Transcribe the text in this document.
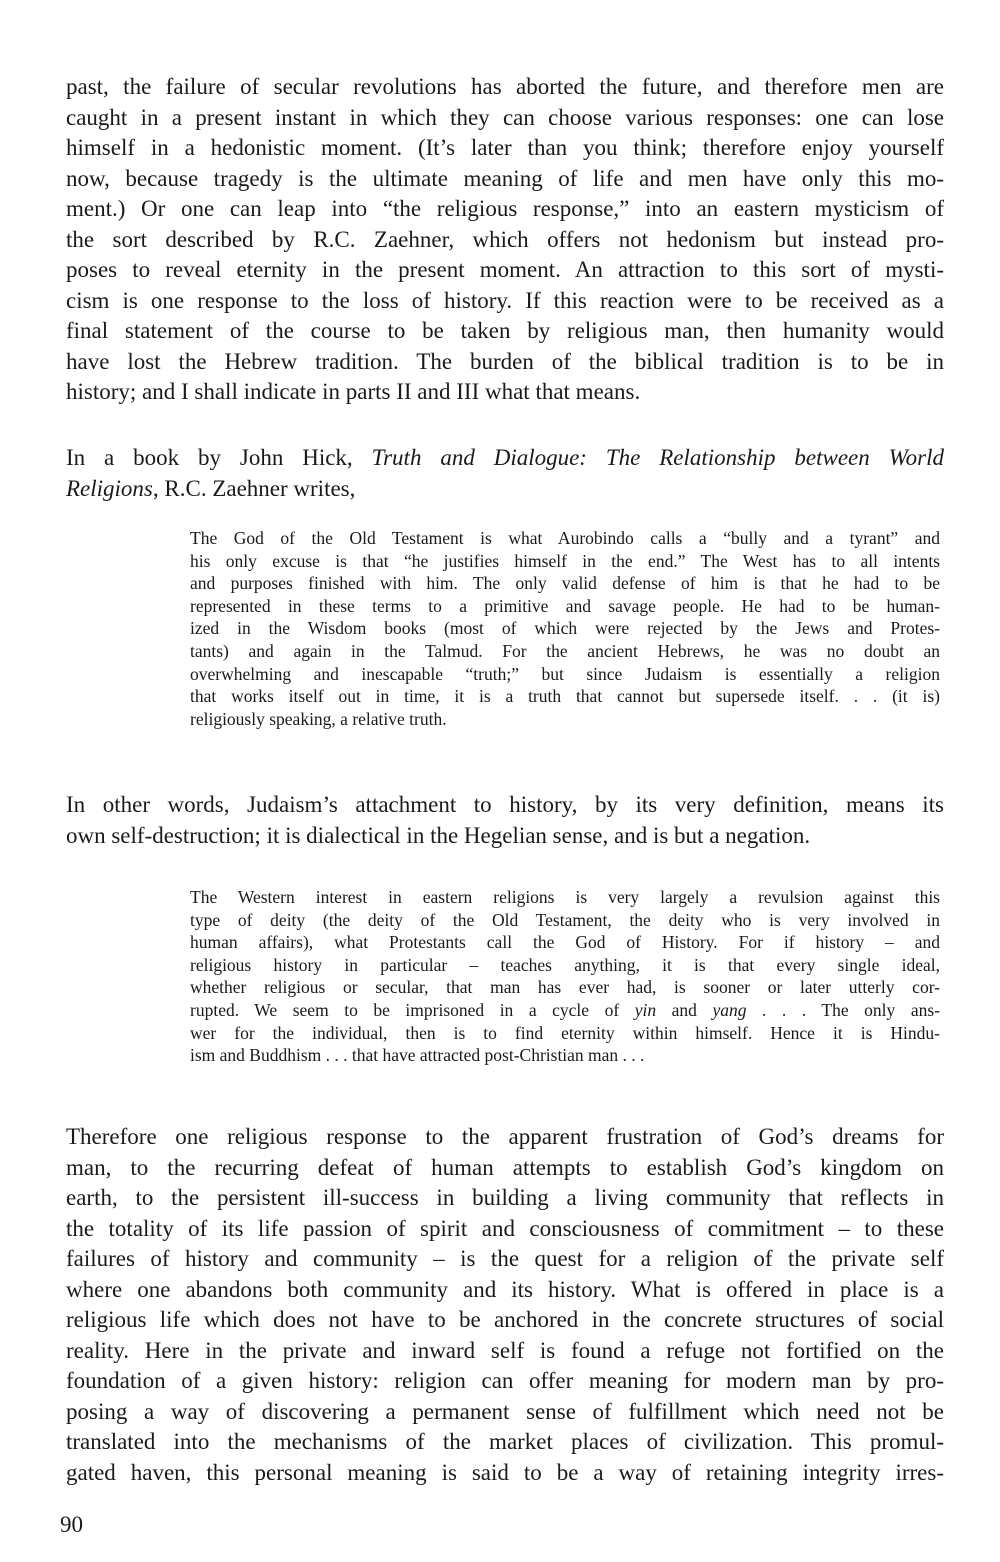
past, the failure of secular revolutions has aborted the future, and therefore men are
caught in a present instant in which they can choose various responses: one can lose
himself in a hedonistic moment. (It’s later than you think; therefore enjoy yourself
now, because tragedy is the ultimate meaning of life and men have only this mo-
ment.) Or one can leap into “the religious response,” into an eastern mysticism of
the sort described by R.C. Zaehner, which offers not hedonism but instead pro-
poses to reveal eternity in the present moment. An attraction to this sort of mysti-
cism is one response to the loss of history. If this reaction were to be received as a
final statement of the course to be taken by religious man, then humanity would
have lost the Hebrew tradition. The burden of the biblical tradition is to be in
history; and I shall indicate in parts II and III what that means.
In a book by John Hick, Truth and Dialogue: The Relationship between World
Religions, R.C. Zaehner writes,
The God of the Old Testament is what Aurobindo calls a “bully and a tyrant” and
his only excuse is that “he justifies himself in the end.” The West has to all intents
and purposes finished with him. The only valid defense of him is that he had to be
represented in these terms to a primitive and savage people. He had to be human-
ized in the Wisdom books (most of which were rejected by the Jews and Protes-
tants) and again in the Talmud. For the ancient Hebrews, he was no doubt an
overwhelming and inescapable “truth;” but since Judaism is essentially a religion
that works itself out in time, it is a truth that cannot but supersede itself. . . (it is)
religiously speaking, a relative truth.
In other words, Judaism’s attachment to history, by its very definition, means its
own self-destruction; it is dialectical in the Hegelian sense, and is but a negation.
The Western interest in eastern religions is very largely a revulsion against this
type of deity (the deity of the Old Testament, the deity who is very involved in
human affairs), what Protestants call the God of History. For if history – and
religious history in particular – teaches anything, it is that every single ideal,
whether religious or secular, that man has ever had, is sooner or later utterly cor-
rupted. We seem to be imprisoned in a cycle of yin and yang . . . The only ans-
wer for the individual, then is to find eternity within himself. Hence it is Hindu-
ism and Buddhism . . . that have attracted post-Christian man . . .
Therefore one religious response to the apparent frustration of God’s dreams for
man, to the recurring defeat of human attempts to establish God’s kingdom on
earth, to the persistent ill-success in building a living community that reflects in
the totality of its life passion of spirit and consciousness of commitment – to these
failures of history and community – is the quest for a religion of the private self
where one abandons both community and its history. What is offered in place is a
religious life which does not have to be anchored in the concrete structures of social
reality. Here in the private and inward self is found a refuge not fortified on the
foundation of a given history: religion can offer meaning for modern man by pro-
posing a way of discovering a permanent sense of fulfillment which need not be
translated into the mechanisms of the market places of civilization. This promul-
gated haven, this personal meaning is said to be a way of retaining integrity irres-
90
